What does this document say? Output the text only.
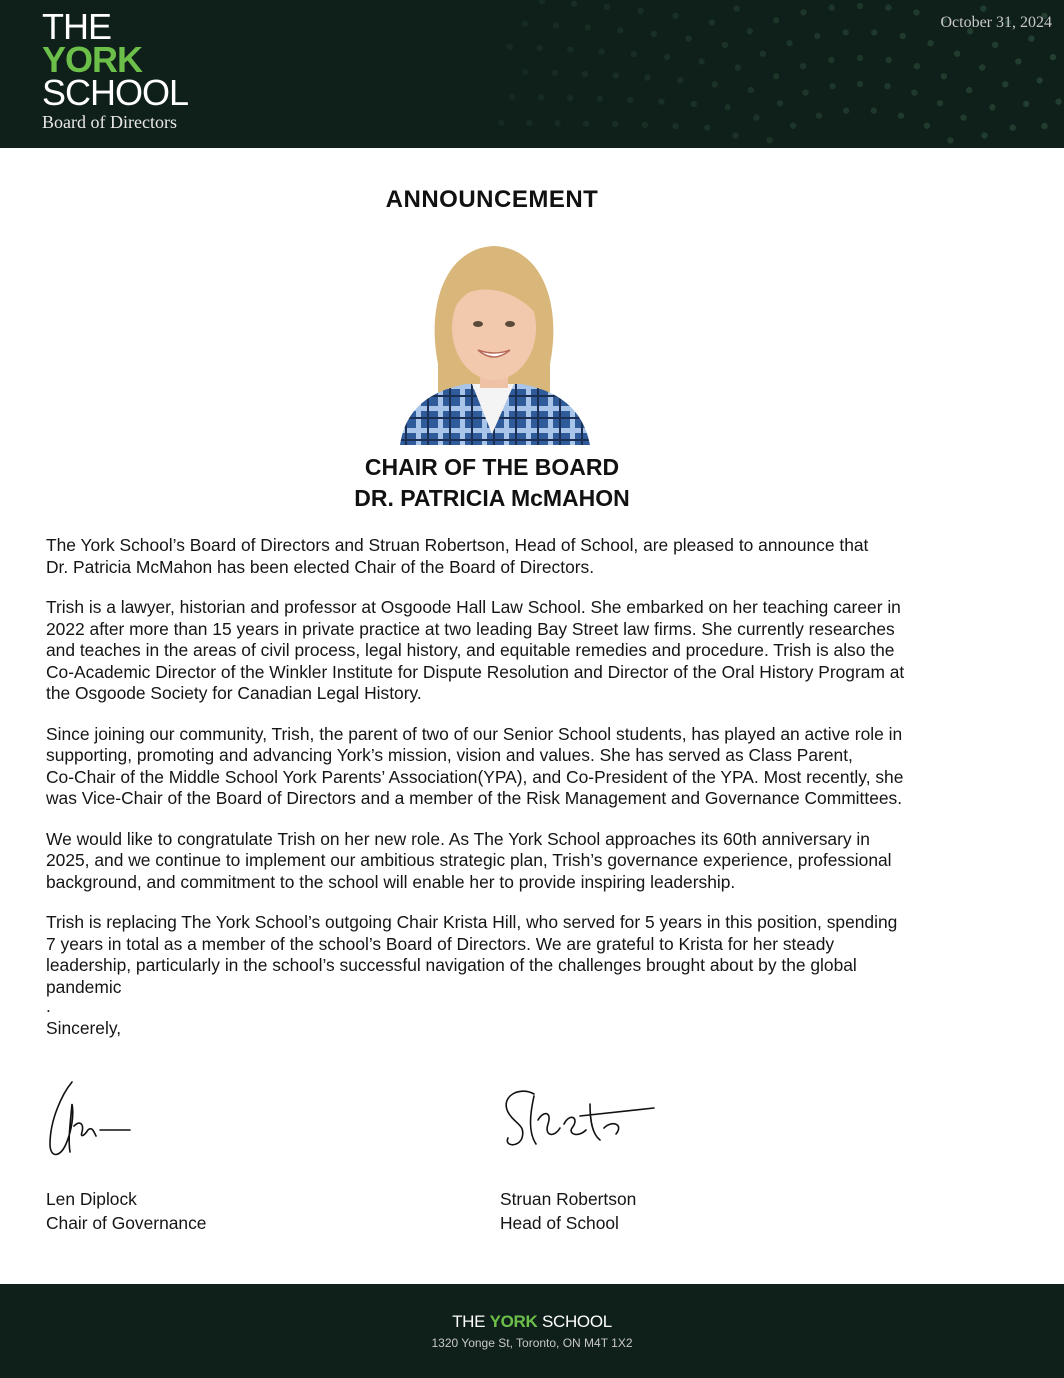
THE
YORK
SCHOOL
Board of Directors
October 31, 2024
ANNOUNCEMENT
CHAIR OF THE BOARD
DR. PATRICIA McMAHON

The York School’s Board of Directors and Struan Robertson, Head of School, are pleased to announce that
Dr. Patricia McMahon has been elected Chair of the Board of Directors.

Trish is a lawyer, historian and professor at Osgoode Hall Law School. She embarked on her teaching career in
2022 after more than 15 years in private practice at two leading Bay Street law firms. She currently researches
and teaches in the areas of civil process, legal history, and equitable remedies and procedure. Trish is also the
Co-Academic Director of the Winkler Institute for Dispute Resolution and Director of the Oral History Program at
the Osgoode Society for Canadian Legal History.

Since joining our community, Trish, the parent of two of our Senior School students, has played an active role in
supporting, promoting and advancing York’s mission, vision and values. She has served as Class Parent,
Co-Chair of the Middle School York Parents’ Association(YPA), and Co-President of the YPA. Most recently, she
was Vice-Chair of the Board of Directors and a member of the Risk Management and Governance Committees.

We would like to congratulate Trish on her new role. As The York School approaches its 60th anniversary in
2025, and we continue to implement our ambitious strategic plan, Trish’s governance experience, professional
background, and commitment to the school will enable her to provide inspiring leadership.

Trish is replacing The York School’s outgoing Chair Krista Hill, who served for 5 years in this position, spending
7 years in total as a member of the school’s Board of Directors. We are grateful to Krista for her steady
leadership, particularly in the school’s successful navigation of the challenges brought about by the global
pandemic

.

Sincerely,

Len Diplock
Chair of Governance
Struan Robertson
Head of School
THE YORK SCHOOL
1320 Yonge St, Toronto, ON M4T 1X2
